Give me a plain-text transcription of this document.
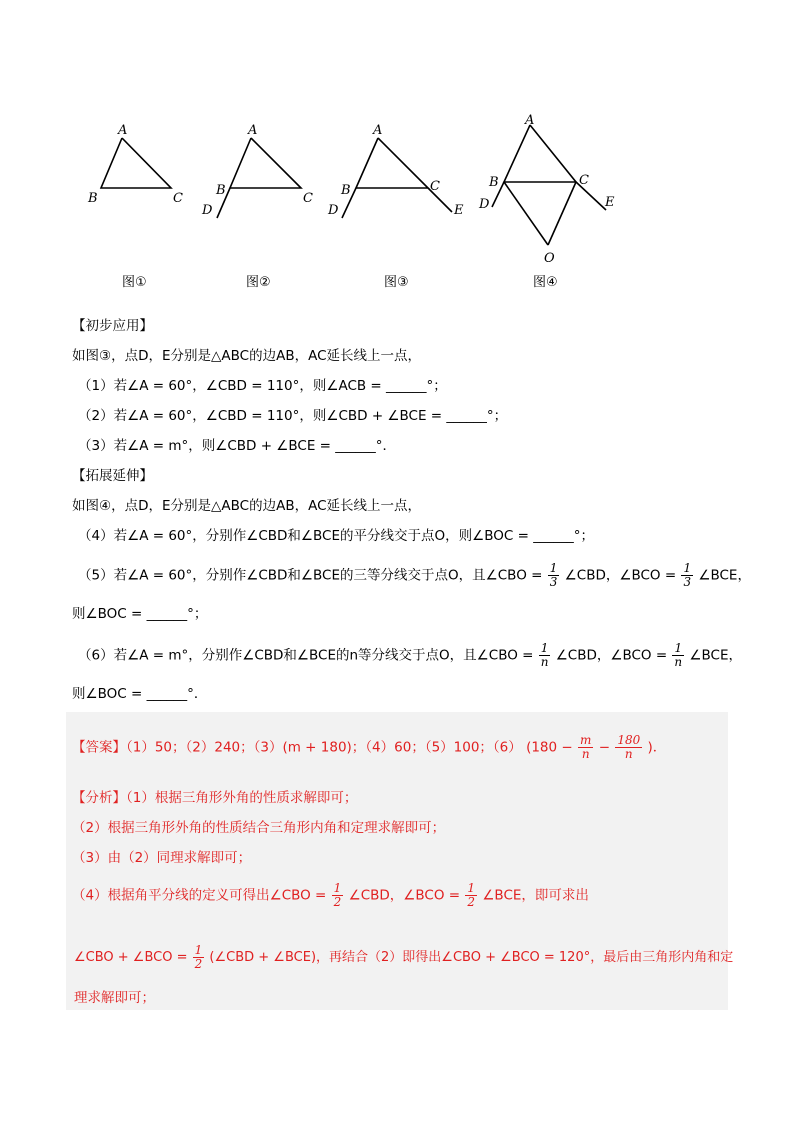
A
B	C
A
B
C
D
A
B	C
D	E
A
B	C
D	E
O
图①	图②	图③	图④
【初步应用】
如图③，点D，E分别是△ABC的边AB，AC延长线上一点，
（1）若∠A = 60°，∠CBD = 110°，则∠ACB = ______°；
（2）若∠A = 60°，∠CBD = 110°，则∠CBD + ∠BCE = ______°；
（3）若∠A = m°，则∠CBD + ∠BCE = ______°．
【拓展延伸】
如图④，点D，E分别是△ABC的边AB，AC延长线上一点，
（4）若∠A = 60°，分别作∠CBD和∠BCE的平分线交于点O，则∠BOC = ______°；
（5）若∠A = 60°，分别作∠CBD和∠BCE的三等分线交于点O，且∠CBO = $\frac{1}{3}$ ∠CBD，∠BCO = $\frac{1}{3}$ ∠BCE，
则∠BOC = ______°；
（6）若∠A = m°，分别作∠CBD和∠BCE的n等分线交于点O，且∠CBO = $\frac{1}{n}$ ∠CBD，∠BCO = $\frac{1}{n}$ ∠BCE，
则∠BOC = ______°．
【答案】（1）50；（2）240；（3）(m + 180)；（4）60；（5）100；（6） ($180 - \frac{m}{n} - \frac{180}{n}$ )．
【分析】（1）根据三角形外角的性质求解即可；
（2）根据三角形外角的性质结合三角形内角和定理求解即可；
（3）由（2）同理求解即可；
（4）根据角平分线的定义可得出∠CBO = $\frac{1}{2}$ ∠CBD，∠BCO = $\frac{1}{2}$ ∠BCE，即可求出
∠CBO + ∠BCO = $\frac{1}{2}$ (∠CBD + ∠BCE)，再结合（2）即得出∠CBO + ∠BCO = 120°，最后由三角形内角和定
理求解即可；
